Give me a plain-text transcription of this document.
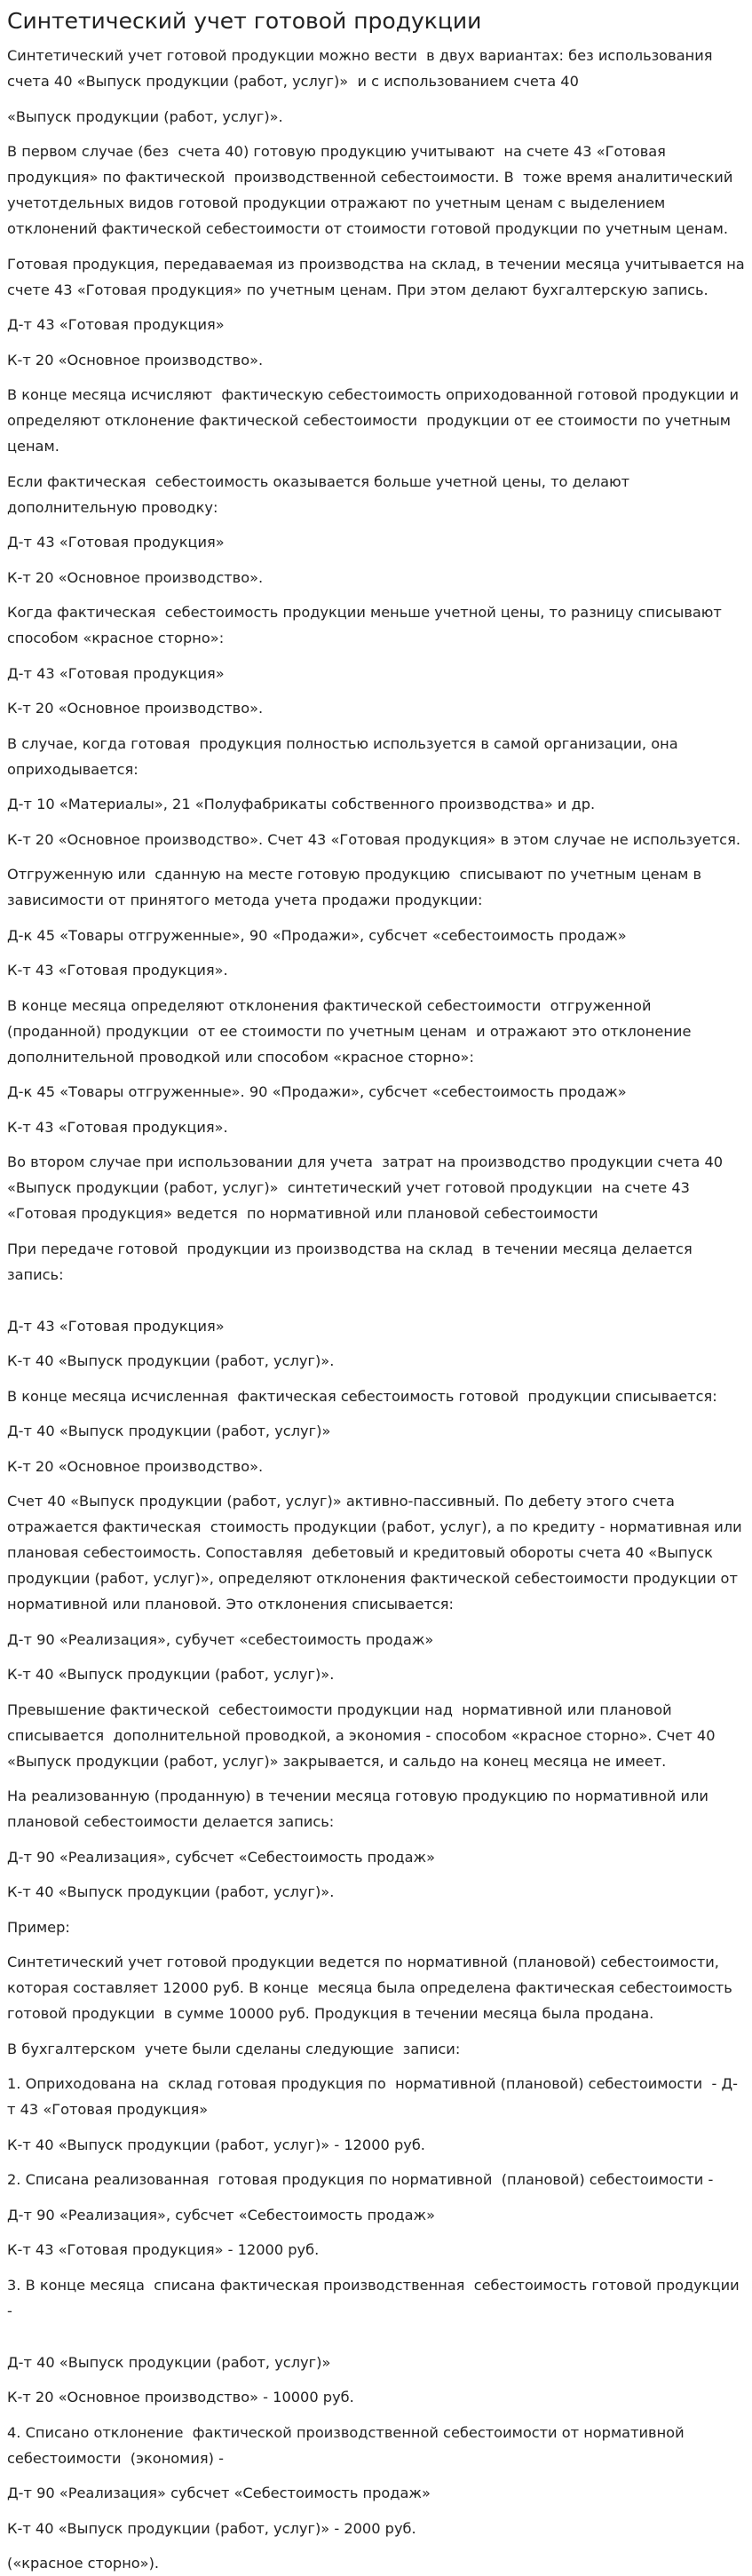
Синтетический учет готовой продукции

Синтетический учет готовой продукции можно вести  в двух вариантах: без использования счета 40 «Выпуск продукции (работ, услуг)»  и с использованием счета 40

«Выпуск продукции (работ, услуг)».

В первом случае (без  счета 40) готовую продукцию учитывают  на счете 43 «Готовая продукция» по фактической  производственной себестоимости. В  тоже время аналитический учетотдельных видов готовой продукции отражают по учетным ценам с выделением отклонений фактической себестоимости от стоимости готовой продукции по учетным ценам.

Готовая продукция, передаваемая из производства на склад, в течении месяца учитывается на счете 43 «Готовая продукция» по учетным ценам. При этом делают бухгалтерскую запись.

Д-т 43 «Готовая продукция»

К-т 20 «Основное производство».

В конце месяца исчисляют  фактическую себестоимость оприходованной готовой продукции и определяют отклонение фактической себестоимости  продукции от ее стоимости по учетным  ценам.

Если фактическая  себестоимость оказывается больше учетной цены, то делают дополнительную проводку:

Д-т 43 «Готовая продукция»

К-т 20 «Основное производство».

Когда фактическая  себестоимость продукции меньше учетной цены, то разницу списывают способом «красное сторно»:

Д-т 43 «Готовая продукция»

К-т 20 «Основное производство».

В случае, когда готовая  продукция полностью используется в самой организации, она оприходывается:

Д-т 10 «Материалы», 21 «Полуфабрикаты собственного производства» и др.

К-т 20 «Основное производство». Счет 43 «Готовая продукция» в этом случае не используется.

Отгруженную или  сданную на месте готовую продукцию  списывают по учетным ценам в зависимости от принятого метода учета продажи продукции:

Д-к 45 «Товары отгруженные», 90 «Продажи», субсчет «себестоимость продаж»

К-т 43 «Готовая продукция».

В конце месяца определяют отклонения фактической себестоимости  отгруженной (проданной) продукции  от ее стоимости по учетным ценам  и отражают это отклонение дополнительной проводкой или способом «красное сторно»:

Д-к 45 «Товары отгруженные». 90 «Продажи», субсчет «себестоимость продаж»

К-т 43 «Готовая продукция».

Во втором случае при использовании для учета  затрат на производство продукции счета 40 «Выпуск продукции (работ, услуг)»  синтетический учет готовой продукции  на счете 43 «Готовая продукция» ведется  по нормативной или плановой себестоимости

При передаче готовой  продукции из производства на склад  в течении месяца делается запись:

Д-т 43 «Готовая продукция»

К-т 40 «Выпуск продукции (работ, услуг)».

В конце месяца исчисленная  фактическая себестоимость готовой  продукции списывается:

Д-т 40 «Выпуск продукции (работ, услуг)»

К-т 20 «Основное производство».

Счет 40 «Выпуск продукции (работ, услуг)» активно-пассивный. По дебету этого счета отражается фактическая  стоимость продукции (работ, услуг), а по кредиту - нормативная или  плановая себестоимость. Сопоставляя  дебетовый и кредитовый обороты счета 40 «Выпуск продукции (работ, услуг)», определяют отклонения фактической себестоимости продукции от нормативной или плановой. Это отклонения списывается:

Д-т 90 «Реализация», субучет «себестоимость продаж»

К-т 40 «Выпуск продукции (работ, услуг)».

Превышение фактической  себестоимости продукции над  нормативной или плановой списывается  дополнительной проводкой, а экономия - способом «красное сторно». Счет 40 «Выпуск продукции (работ, услуг)» закрывается, и сальдо на конец месяца не имеет.

На реализованную (проданную) в течении месяца готовую продукцию по нормативной или плановой себестоимости делается запись:

Д-т 90 «Реализация», субсчет «Себестоимость продаж»

К-т 40 «Выпуск продукции (работ, услуг)».

Пример:

Синтетический учет готовой продукции ведется по нормативной (плановой) себестоимости, которая составляет 12000 руб. В конце  месяца была определена фактическая себестоимость готовой продукции  в сумме 10000 руб. Продукция в течении месяца была продана.

В бухгалтерском  учете были сделаны следующие  записи:

1. Оприходована на  склад готовая продукция по  нормативной (плановой) себестоимости  - Д-т 43 «Готовая продукция»

К-т 40 «Выпуск продукции (работ, услуг)» - 12000 руб.

2. Списана реализованная  готовая продукция по нормативной  (плановой) себестоимости -

Д-т 90 «Реализация», субсчет «Себестоимость продаж»

К-т 43 «Готовая продукция» - 12000 руб.

3. В конце месяца  списана фактическая производственная  себестоимость готовой продукции  -

Д-т 40 «Выпуск продукции (работ, услуг)»

К-т 20 «Основное производство» - 10000 руб.

4. Списано отклонение  фактической производственной себестоимости от нормативной себестоимости  (экономия) -

Д-т 90 «Реализация» субсчет «Себестоимость продаж»

К-т 40 «Выпуск продукции (работ, услуг)» - 2000 руб.

(«красное сторно»).
